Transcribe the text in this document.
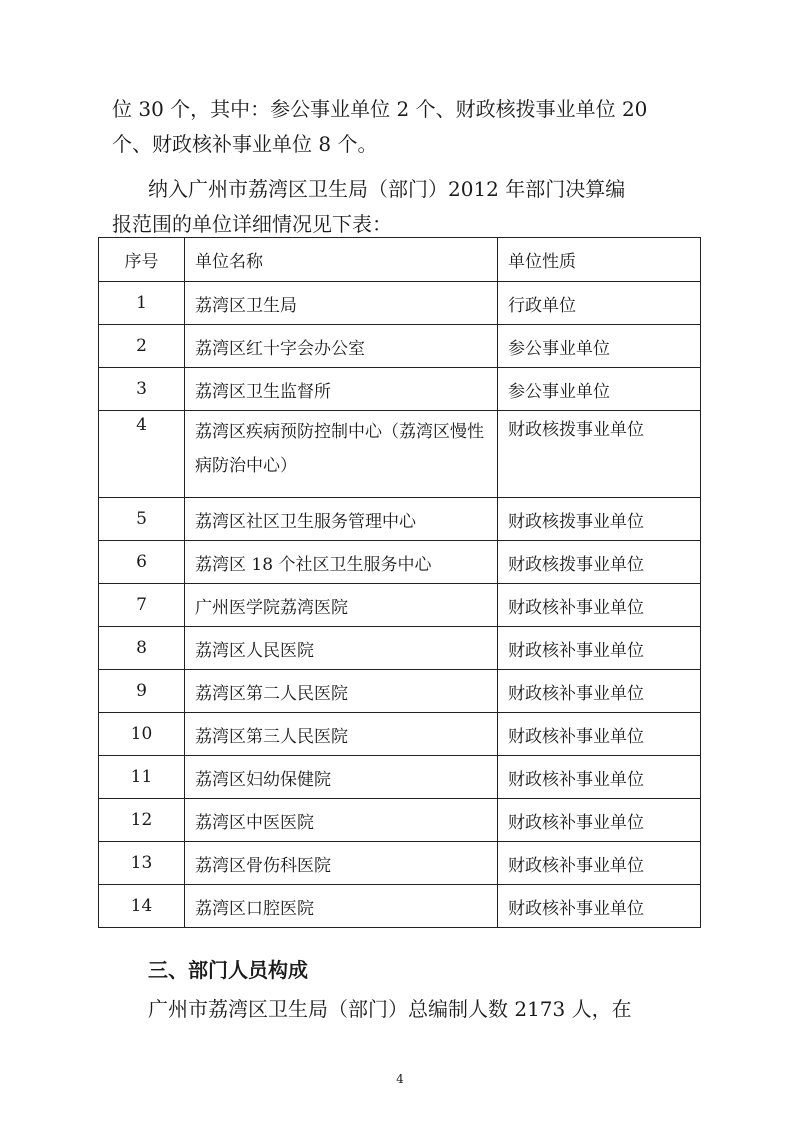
位 30 个，其中：参公事业单位 2 个、财政核拨事业单位 20

个、财政核补事业单位 8 个。

纳入广州市荔湾区卫生局（部门）2012 年部门决算编

报范围的单位详细情况见下表：

序号	单位名称	单位性质
1	荔湾区卫生局	行政单位
2	荔湾区红十字会办公室	参公事业单位
3	荔湾区卫生监督所	参公事业单位
4	荔湾区疾病预防控制中心（荔湾区慢性病防治中心）	财政核拨事业单位
5	荔湾区社区卫生服务管理中心	财政核拨事业单位
6	荔湾区 18 个社区卫生服务中心	财政核拨事业单位
7	广州医学院荔湾医院	财政核补事业单位
8	荔湾区人民医院	财政核补事业单位
9	荔湾区第二人民医院	财政核补事业单位
10	荔湾区第三人民医院	财政核补事业单位
11	荔湾区妇幼保健院	财政核补事业单位
12	荔湾区中医医院	财政核补事业单位
13	荔湾区骨伤科医院	财政核补事业单位
14	荔湾区口腔医院	财政核补事业单位

三、部门人员构成

广州市荔湾区卫生局（部门）总编制人数 2173 人，在

4
